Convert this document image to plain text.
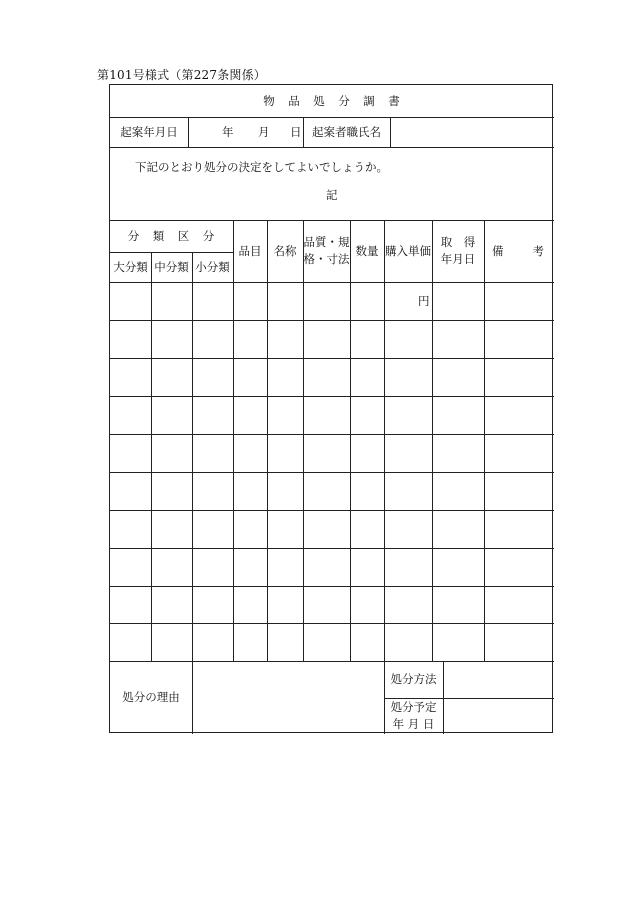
第101号様式（第227条関係）
物　品　処　分　調　書
起案年月日	年 月 日 起案者職氏名
下記のとおり処分の決定をしてよいでしょうか。
記
分　類　区　分
大分類 中分類 小分類
品目 名称
品質・規
格・寸法
数量 購入単価
取　得
年月日
備　　考
円
処分の理由
処分方法
処分予定
年 月 日
